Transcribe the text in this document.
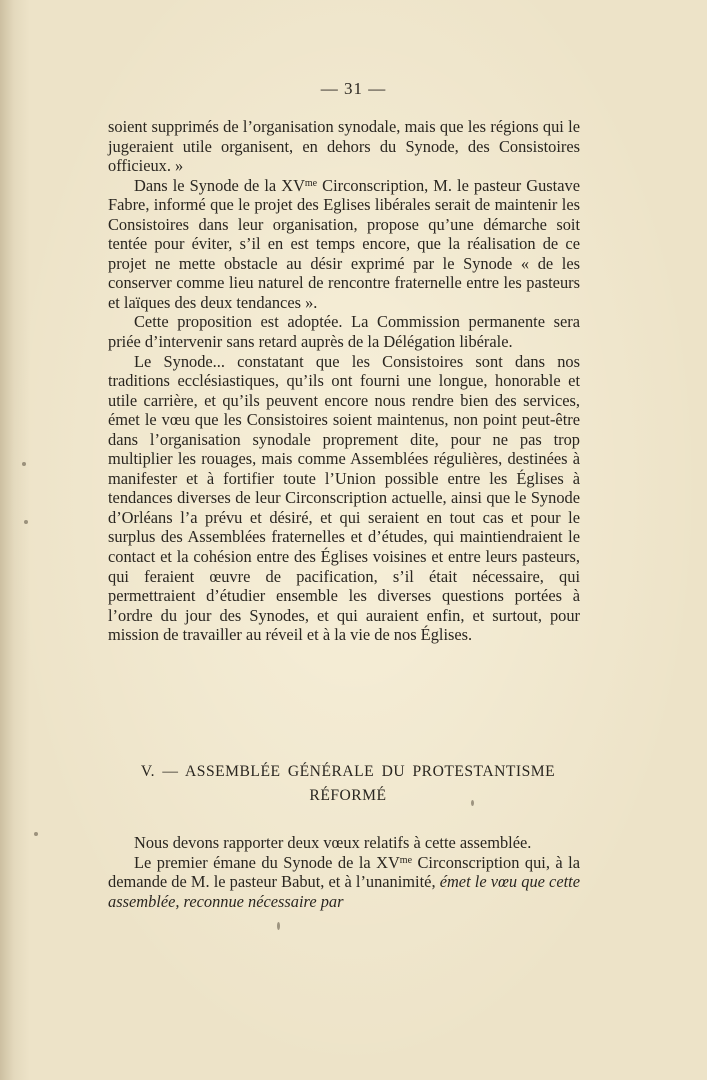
— 31 —

soient supprimés de l’organisation synodale, mais que les régions qui le jugeraient utile organisent, en dehors du Synode, des Consistoires officieux. »

Dans le Synode de la $XV^{me}$ Circonscription, M. le pasteur Gustave Fabre, informé que le projet des Eglises libérales serait de maintenir les Consistoires dans leur organisation, propose qu’une démarche soit tentée pour éviter, s’il en est temps encore, que la réalisation de ce projet ne mette obstacle au désir exprimé par le Synode « de les conserver comme lieu naturel de rencontre fraternelle entre les pasteurs et laïques des deux tendances ».

Cette proposition est adoptée. La Commission permanente sera priée d’intervenir sans retard auprès de la Délégation libérale.

Le Synode... constatant que les Consistoires sont dans nos traditions ecclésiastiques, qu’ils ont fourni une longue, honorable et utile carrière, et qu’ils peuvent encore nous rendre bien des services, émet le vœu que les Consistoires soient maintenus, non point peut-être dans l’organisation synodale proprement dite, pour ne pas trop multiplier les rouages, mais comme Assemblées régulières, destinées à manifester et à fortifier toute l’Union possible entre les Églises à tendances diverses de leur Circonscription actuelle, ainsi que le Synode d’Orléans l’a prévu et désiré, et qui seraient en tout cas et pour le surplus des Assemblées fraternelles et d’études, qui maintiendraient le contact et la cohésion entre des Églises voisines et entre leurs pasteurs, qui feraient œuvre de pacification, s’il était nécessaire, qui permettraient d’étudier ensemble les diverses questions portées à l’ordre du jour des Synodes, et qui auraient enfin, et surtout, pour mission de travailler au réveil et à la vie de nos Églises.

V. — ASSEMBLÉE GÉNÉRALE DU PROTESTANTISME
RÉFORMÉ

Nous devons rapporter deux vœux relatifs à cette assemblée.

Le premier émane du Synode de la $XV^{me}$ Circonscription qui, à la demande de M. le pasteur Babut, et à l’unanimité, émet le vœu que cette assemblée, reconnue nécessaire par
